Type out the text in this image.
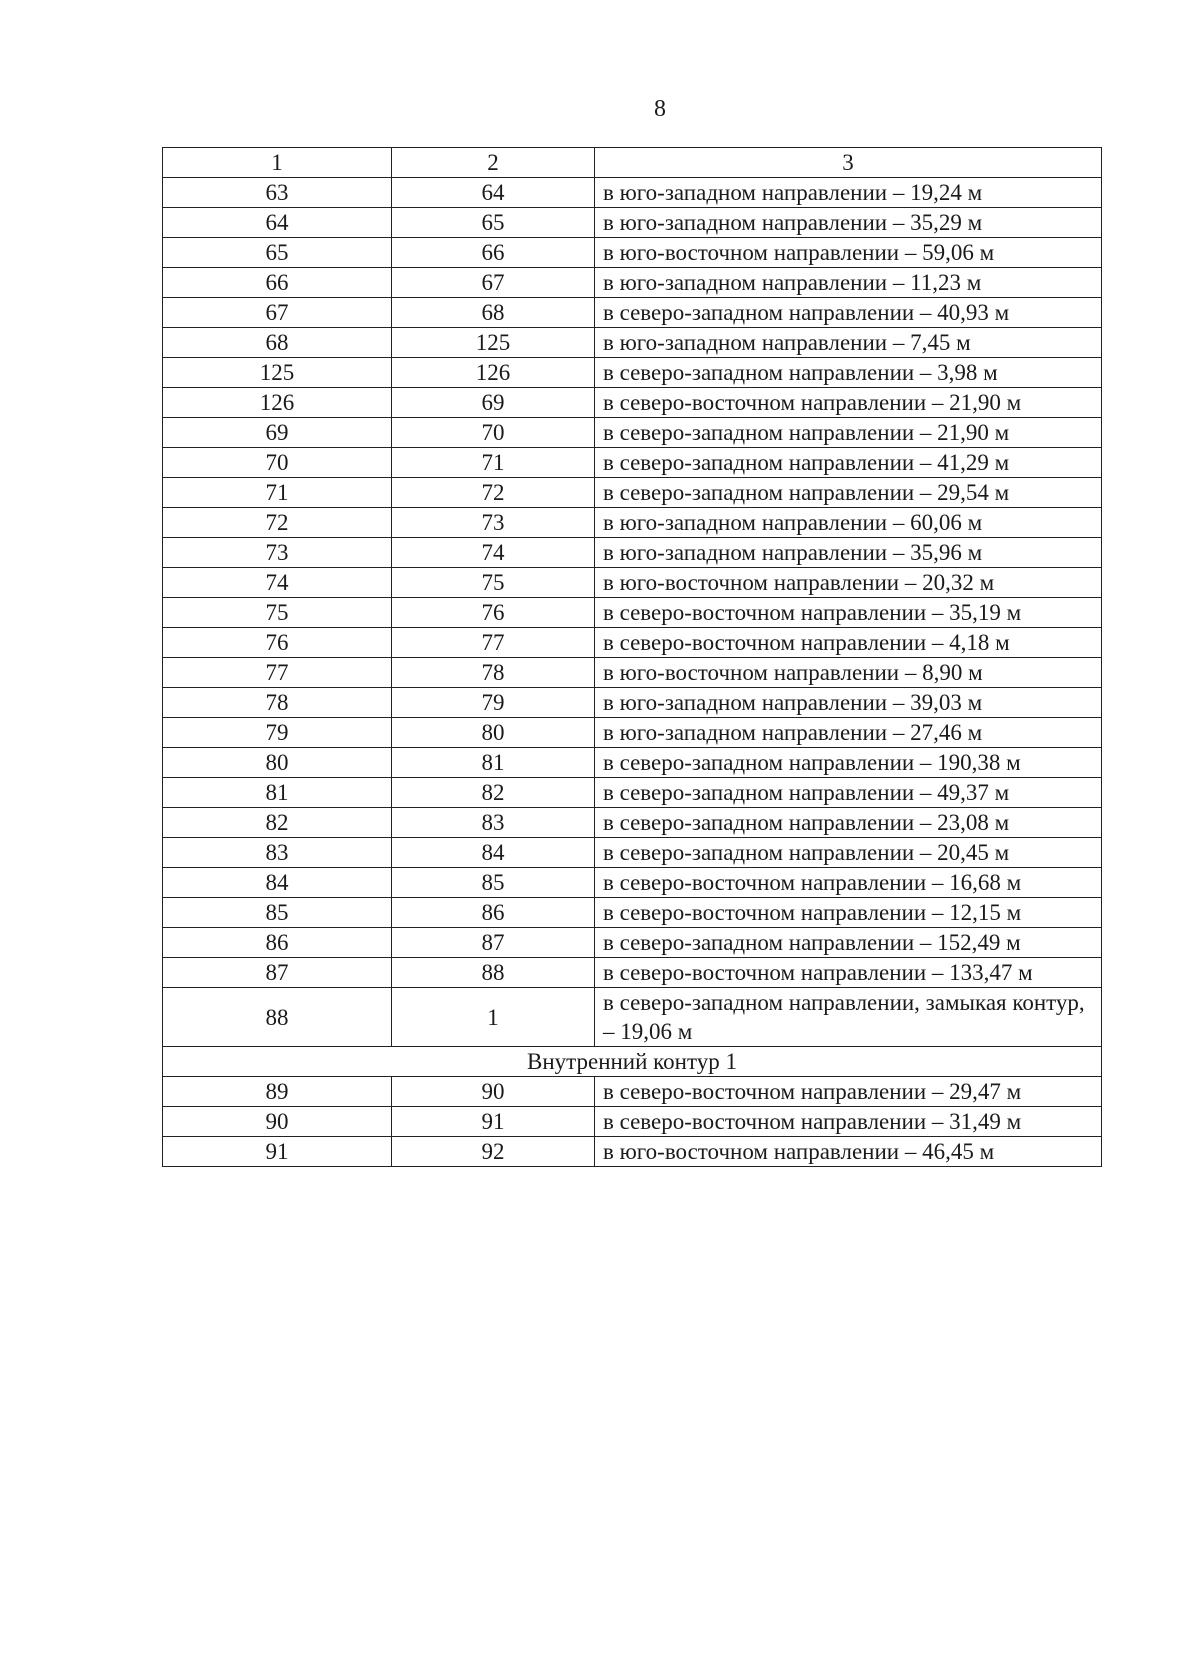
8
1	2	3
63	64	в юго-западном направлении – 19,24 м
64	65	в юго-западном направлении – 35,29 м
65	66	в юго-восточном направлении – 59,06 м
66	67	в юго-западном направлении – 11,23 м
67	68	в северо-западном направлении – 40,93 м
68	125	в юго-западном направлении – 7,45 м
125	126	в северо-западном направлении – 3,98 м
126	69	в северо-восточном направлении – 21,90 м
69	70	в северо-западном направлении – 21,90 м
70	71	в северо-западном направлении – 41,29 м
71	72	в северо-западном направлении – 29,54 м
72	73	в юго-западном направлении – 60,06 м
73	74	в юго-западном направлении – 35,96 м
74	75	в юго-восточном направлении – 20,32 м
75	76	в северо-восточном направлении – 35,19 м
76	77	в северо-восточном направлении – 4,18 м
77	78	в юго-восточном направлении – 8,90 м
78	79	в юго-западном направлении – 39,03 м
79	80	в юго-западном направлении – 27,46 м
80	81	в северо-западном направлении – 190,38 м
81	82	в северо-западном направлении – 49,37 м
82	83	в северо-западном направлении – 23,08 м
83	84	в северо-западном направлении – 20,45 м
84	85	в северо-восточном направлении – 16,68 м
85	86	в северо-восточном направлении – 12,15 м
86	87	в северо-западном направлении – 152,49 м
87	88	в северо-восточном направлении – 133,47 м
88	1	в северо-западном направлении, замыкая контур, – 19,06 м
Внутренний контур 1		
89	90	в северо-восточном направлении – 29,47 м
90	91	в северо-восточном направлении – 31,49 м
91	92	в юго-восточном направлении – 46,45 м
